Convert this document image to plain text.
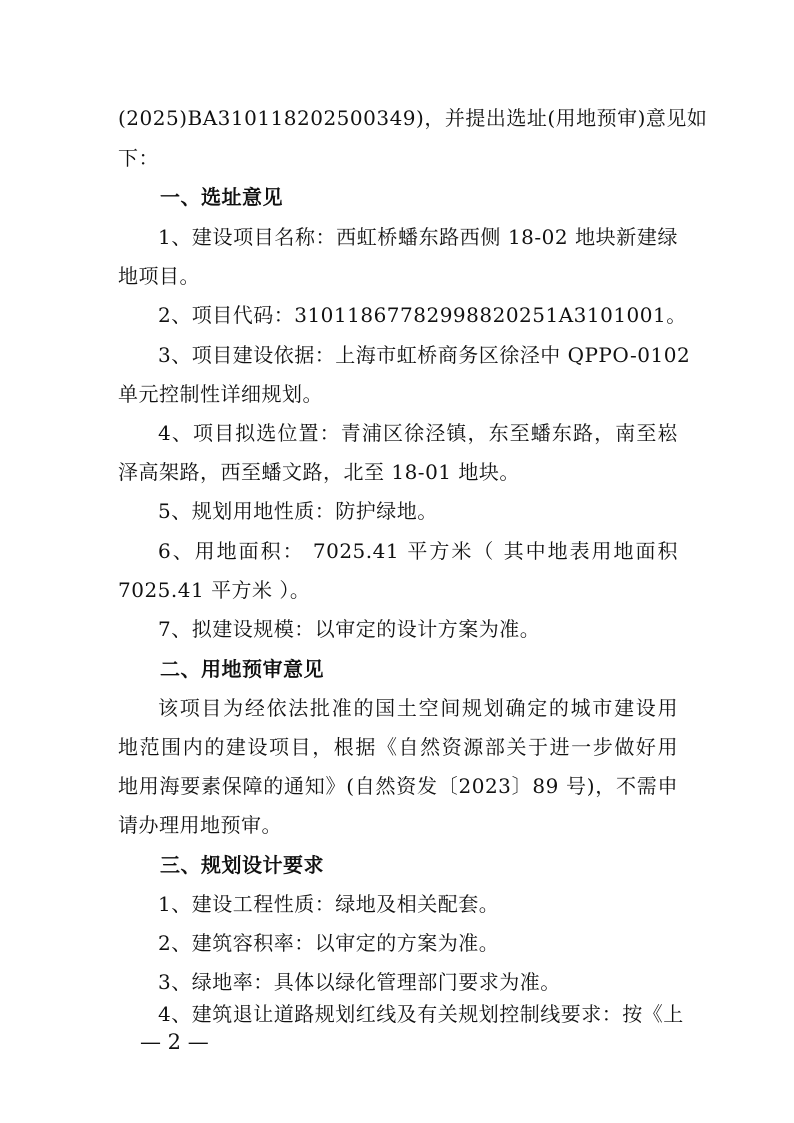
(2025)BA310118202500349)，并提出选址(用地预审)意见如
下：
一、选址意见
1、建设项目名称：西虹桥蟠东路西侧 18-02 地块新建绿
地项目。
2、项目代码：31011867782998820251A3101001。
3、项目建设依据：上海市虹桥商务区徐泾中 QPPO-0102
单元控制性详细规划。
4、项目拟选位置：青浦区徐泾镇，东至蟠东路，南至崧
泽高架路，西至蟠文路，北至 18-01 地块。
5、规划用地性质：防护绿地。
6、用地面积： 7025.41 平方米（ 其中地表用地面积
7025.41 平方米 ）。
7、拟建设规模：以审定的设计方案为准。
二、用地预审意见
该项目为经依法批准的国土空间规划确定的城市建设用
地范围内的建设项目，根据《自然资源部关于进一步做好用
地用海要素保障的通知》(自然资发〔2023〕89 号)，不需申
请办理用地预审。
三、规划设计要求
1、建设工程性质：绿地及相关配套。
2、建筑容积率：以审定的方案为准。
3、绿地率：具体以绿化管理部门要求为准。
4、建筑退让道路规划红线及有关规划控制线要求：按《上
— 2 —
